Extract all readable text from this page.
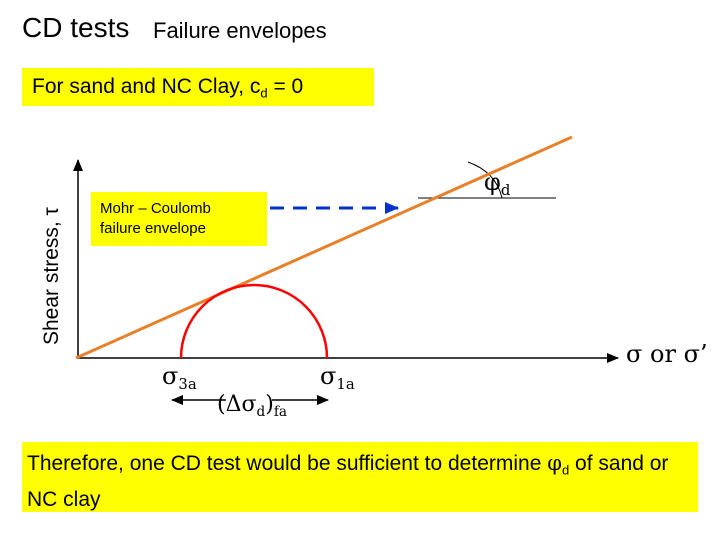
CD tests Failure envelopes
For sand and NC Clay, $c_d = 0$
Shear stress, τ Mohr – Coulomb
failure envelope
$\varphi_d$
σ or σ’
$\sigma_{3a}$	$\sigma_{1a}$
$(\Delta\sigma_d)_{fa}$
Therefore, one CD test would be sufficient to determine $\varphi_d$ of sand or NC clay
